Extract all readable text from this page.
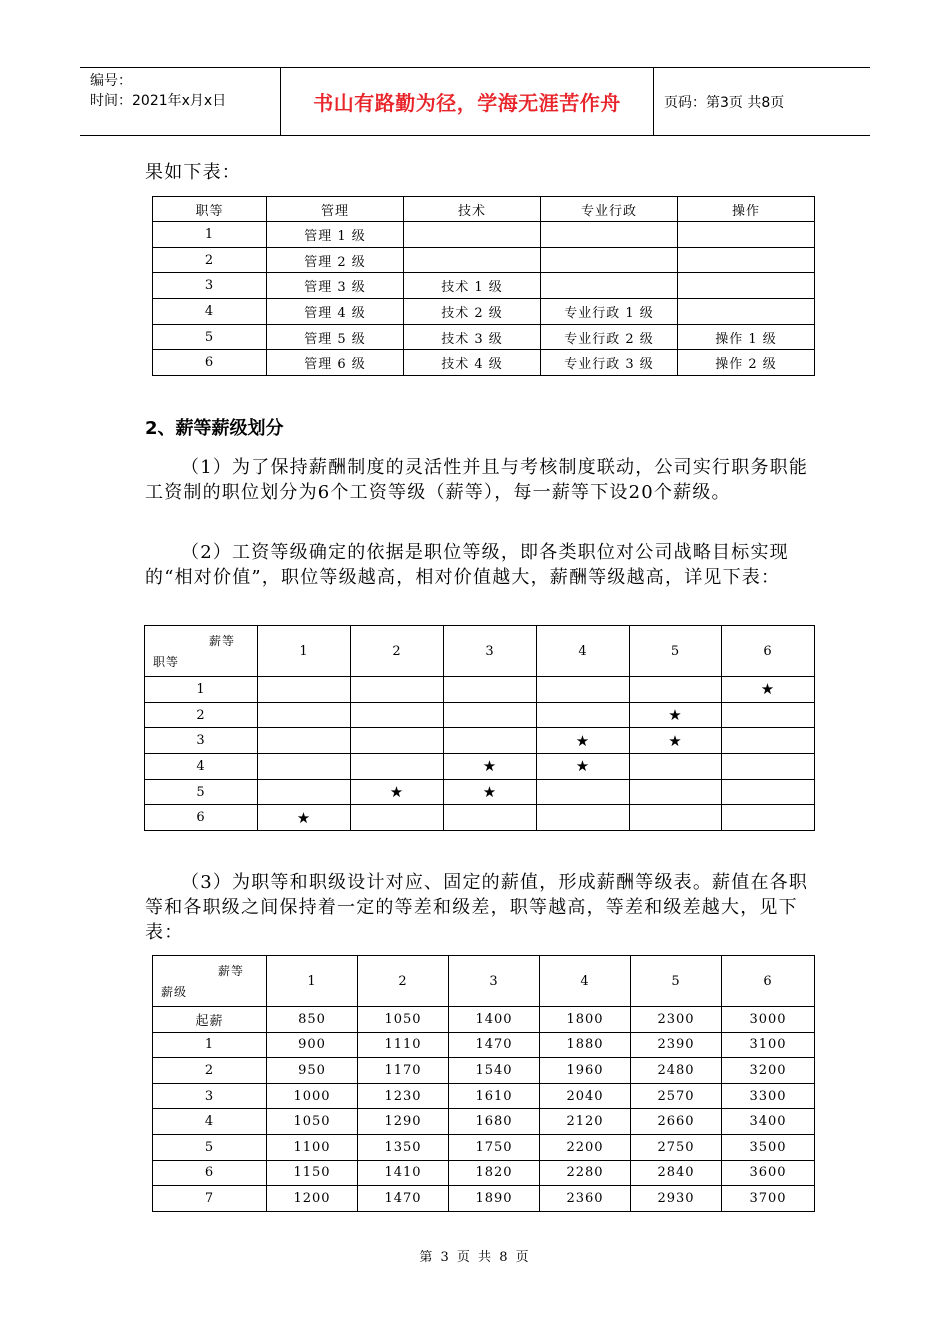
编号：
时间：2021年x月x日	书山有路勤为径，学海无涯苦作舟	页码：第3页 共8页

果如下表：

职等	管理	技术	专业行政	操作
1	管理 1 级			
2	管理 2 级			
3	管理 3 级	技术 1 级		
4	管理 4 级	技术 2 级	专业行政 1 级	
5	管理 5 级	技术 3 级	专业行政 2 级	操作 1 级
6	管理 6 级	技术 4 级	专业行政 3 级	操作 2 级

2、薪等薪级划分

（1）为了保持薪酬制度的灵活性并且与考核制度联动，公司实行职务职能工资制的职位划分为6个工资等级（薪等），每一薪等下设20个薪级。

（2）工资等级确定的依据是职位等级，即各类职位对公司战略目标实现的“相对价值”，职位等级越高，相对价值越大，薪酬等级越高，详见下表：

薪等
职等	1	2	3	4	5	6
1						★
2					★	
3				★	★	
4			★	★		
5		★	★			
6	★					

（3）为职等和职级设计对应、固定的薪值，形成薪酬等级表。薪值在各职等和各职级之间保持着一定的等差和级差，职等越高，等差和级差越大，见下表：

薪等
薪级	1	2	3	4	5	6
起薪	850	1050	1400	1800	2300	3000
1	900	1110	1470	1880	2390	3100
2	950	1170	1540	1960	2480	3200
3	1000	1230	1610	2040	2570	3300
4	1050	1290	1680	2120	2660	3400
5	1100	1350	1750	2200	2750	3500
6	1150	1410	1820	2280	2840	3600
7	1200	1470	1890	2360	2930	3700
第 3 页 共 8 页
